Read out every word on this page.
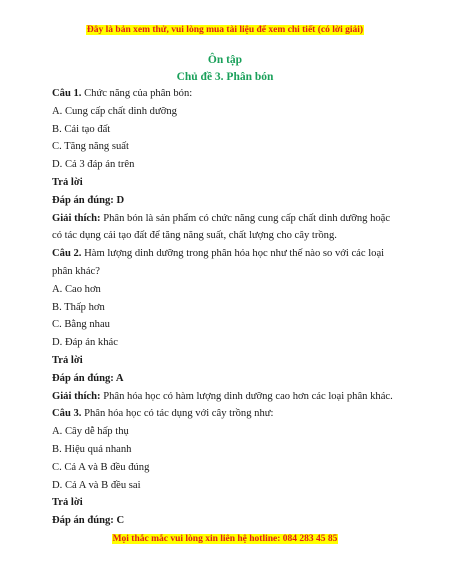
Đây là bản xem thử, vui lòng mua tài liệu để xem chi tiết (có lời giải)
Ôn tập
Chủ đề 3. Phân bón
Câu 1. Chức năng của phân bón:
A. Cung cấp chất dinh dưỡng
B. Cải tạo đất
C. Tăng năng suất
D. Cả 3 đáp án trên
Trả lời
Đáp án đúng: D
Giải thích: Phân bón là sản phẩm có chức năng cung cấp chất dinh dưỡng hoặc có tác dụng cải tạo đất để tăng năng suất, chất lượng cho cây trồng.
Câu 2. Hàm lượng dinh dưỡng trong phân hóa học như thế nào so với các loại phân khác?
A. Cao hơn
B. Thấp hơn
C. Bằng nhau
D. Đáp án khác
Trả lời
Đáp án đúng: A
Giải thích: Phân hóa học có hàm lượng dinh dưỡng cao hơn các loại phân khác.
Câu 3. Phân hóa học có tác dụng với cây trồng như:
A. Cây dễ hấp thụ
B. Hiệu quả nhanh
C. Cả A và B đều đúng
D. Cả A và B đều sai
Trả lời
Đáp án đúng: C
Mọi thắc mắc vui lòng xin liên hệ hotline: 084 283 45 85
